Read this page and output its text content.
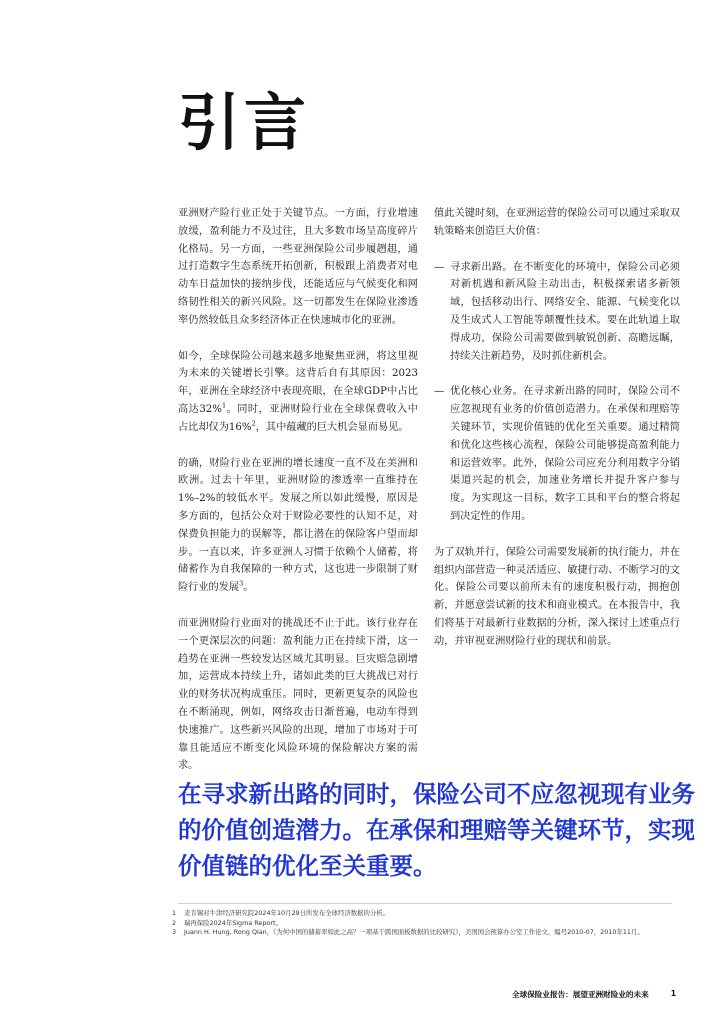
引言

亚洲财产险行业正处于关键节点。一方面，行业增速放缓，盈利能力不及过往，且大多数市场呈高度碎片化格局。另一方面，一些亚洲保险公司步履趔趄，通过打造数字生态系统开拓创新，积极跟上消费者对电动车日益加快的接纳步伐，还能适应与气候变化和网络韧性相关的新兴风险。这一切都发生在保险业渗透率仍然较低且众多经济体正在快速城市化的亚洲。

如今，全球保险公司越来越多地聚焦亚洲，将这里视为未来的关键增长引擎。这背后自有其原因：2023年，亚洲在全球经济中表现亮眼，在全球GDP中占比高达32%$^1$。同时，亚洲财险行业在全球保费收入中占比却仅为16%$^2$，其中蕴藏的巨大机会显而易见。

的确，财险行业在亚洲的增长速度一直不及在美洲和欧洲。过去十年里，亚洲财险的渗透率一直维持在1%–2%的较低水平。发展之所以如此缓慢，原因是多方面的，包括公众对于财险必要性的认知不足，对保费负担能力的误解等，都让潜在的保险客户望而却步。一直以来，许多亚洲人习惯于依赖个人储蓄，将储蓄作为自我保障的一种方式，这也进一步限制了财险行业的发展$^3$。

而亚洲财险行业面对的挑战还不止于此。该行业存在一个更深层次的问题：盈利能力正在持续下滑，这一趋势在亚洲一些较发达区域尤其明显。巨灾赔急剧增加，运营成本持续上升，诸如此类的巨大挑战已对行业的财务状况构成重压。同时，更新更复杂的风险也在不断涌现，例如，网络攻击日渐普遍，电动车得到快速推广。这些新兴风险的出现，增加了市场对于可靠且能适应不断变化风险环境的保险解决方案的需求。

值此关键时刻，在亚洲运营的保险公司可以通过采取双轨策略来创造巨大价值：

— 寻求新出路。在不断变化的环境中，保险公司必须对新机遇和新风险主动出击，积极探索诸多新领域，包括移动出行、网络安全、能源、气候变化以及生成式人工智能等颠覆性技术。要在此轨道上取得成功，保险公司需要做到敏锐创新、高瞻远瞩，持续关注新趋势，及时抓住新机会。
— 优化核心业务。在寻求新出路的同时，保险公司不应忽视现有业务的价值创造潜力。在承保和理赔等关键环节，实现价值链的优化至关重要。通过精简和优化这些核心流程，保险公司能够提高盈利能力和运营效率。此外，保险公司应充分利用数字分销渠道兴起的机会，加速业务增长并提升客户参与度。为实现这一目标，数字工具和平台的整合将起到决定性的作用。

为了双轨并行，保险公司需要发展新的执行能力，并在组织内部营造一种灵活适应、敏捷行动、不断学习的文化。保险公司要以前所未有的速度积极行动，拥抱创新，并愿意尝试新的技术和商业模式。在本报告中，我们将基于对最新行业数据的分析，深入探讨上述重点行动，并审视亚洲财险行业的现状和前景。

在寻求新出路的同时，保险公司不应忽视现有业务的价值创造潜力。在承保和理赔等关键环节，实现价值链的优化至关重要。
1	麦肯锡对牛津经济研究院2024年10月29日所发布全球经济数据的分析。
2	瑞再保险2024年Sigma Report。
3	Juann H. Hung, Rong Qian，《为何中国的储蓄率如此之高？一项基于跨国面板数据的比较研究》，美国国会预算办公室工作论文，编号2010-07，2010年11月。
全球保险业报告：展望亚洲财险业的未来	1
